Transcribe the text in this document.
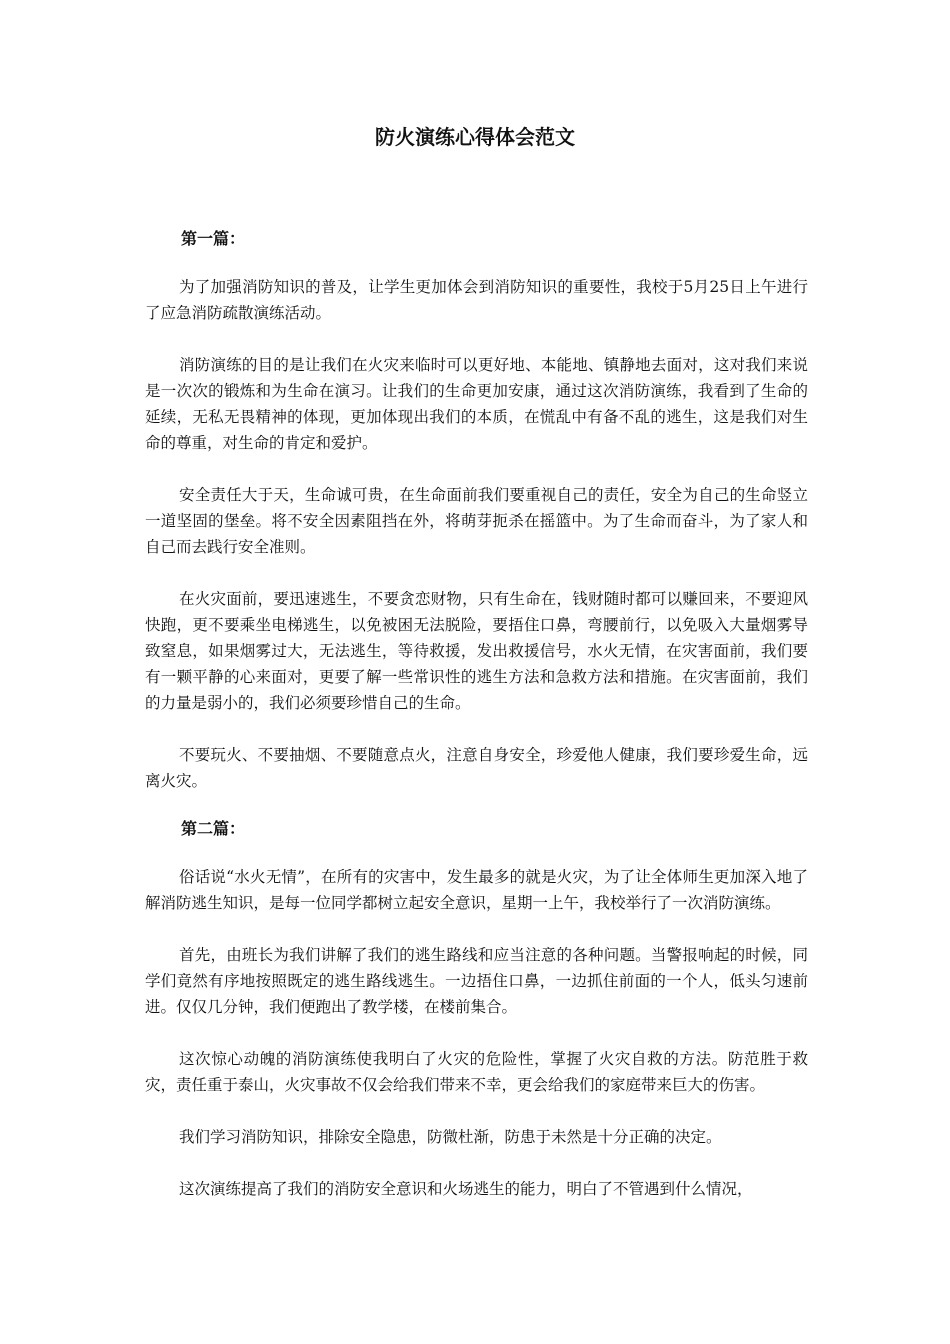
防火演练心得体会范文

第一篇：

为了加强消防知识的普及，让学生更加体会到消防知识的重要性，我校于5月25日上午进行了应急消防疏散演练活动。

消防演练的目的是让我们在火灾来临时可以更好地、本能地、镇静地去面对，这对我们来说是一次次的锻炼和为生命在演习。让我们的生命更加安康，通过这次消防演练，我看到了生命的延续，无私无畏精神的体现，更加体现出我们的本质，在慌乱中有备不乱的逃生，这是我们对生命的尊重，对生命的肯定和爱护。

安全责任大于天，生命诚可贵，在生命面前我们要重视自己的责任，安全为自己的生命竖立一道坚固的堡垒。将不安全因素阻挡在外，将萌芽扼杀在摇篮中。为了生命而奋斗，为了家人和自己而去践行安全准则。

在火灾面前，要迅速逃生，不要贪恋财物，只有生命在，钱财随时都可以赚回来，不要迎风快跑，更不要乘坐电梯逃生，以免被困无法脱险，要捂住口鼻，弯腰前行，以免吸入大量烟雾导致窒息，如果烟雾过大，无法逃生，等待救援，发出救援信号，水火无情，在灾害面前，我们要有一颗平静的心来面对，更要了解一些常识性的逃生方法和急救方法和措施。在灾害面前，我们的力量是弱小的，我们必须要珍惜自己的生命。

不要玩火、不要抽烟、不要随意点火，注意自身安全，珍爱他人健康，我们要珍爱生命，远离火灾。

第二篇：

俗话说“水火无情”，在所有的灾害中，发生最多的就是火灾，为了让全体师生更加深入地了解消防逃生知识，是每一位同学都树立起安全意识，星期一上午，我校举行了一次消防演练。

首先，由班长为我们讲解了我们的逃生路线和应当注意的各种问题。当警报响起的时候，同学们竟然有序地按照既定的逃生路线逃生。一边捂住口鼻，一边抓住前面的一个人，低头匀速前进。仅仅几分钟，我们便跑出了教学楼，在楼前集合。

这次惊心动魄的消防演练使我明白了火灾的危险性，掌握了火灾自救的方法。防范胜于救灾，责任重于泰山，火灾事故不仅会给我们带来不幸，更会给我们的家庭带来巨大的伤害。

我们学习消防知识，排除安全隐患，防微杜渐，防患于未然是十分正确的决定。

这次演练提高了我们的消防安全意识和火场逃生的能力，明白了不管遇到什么情况，
